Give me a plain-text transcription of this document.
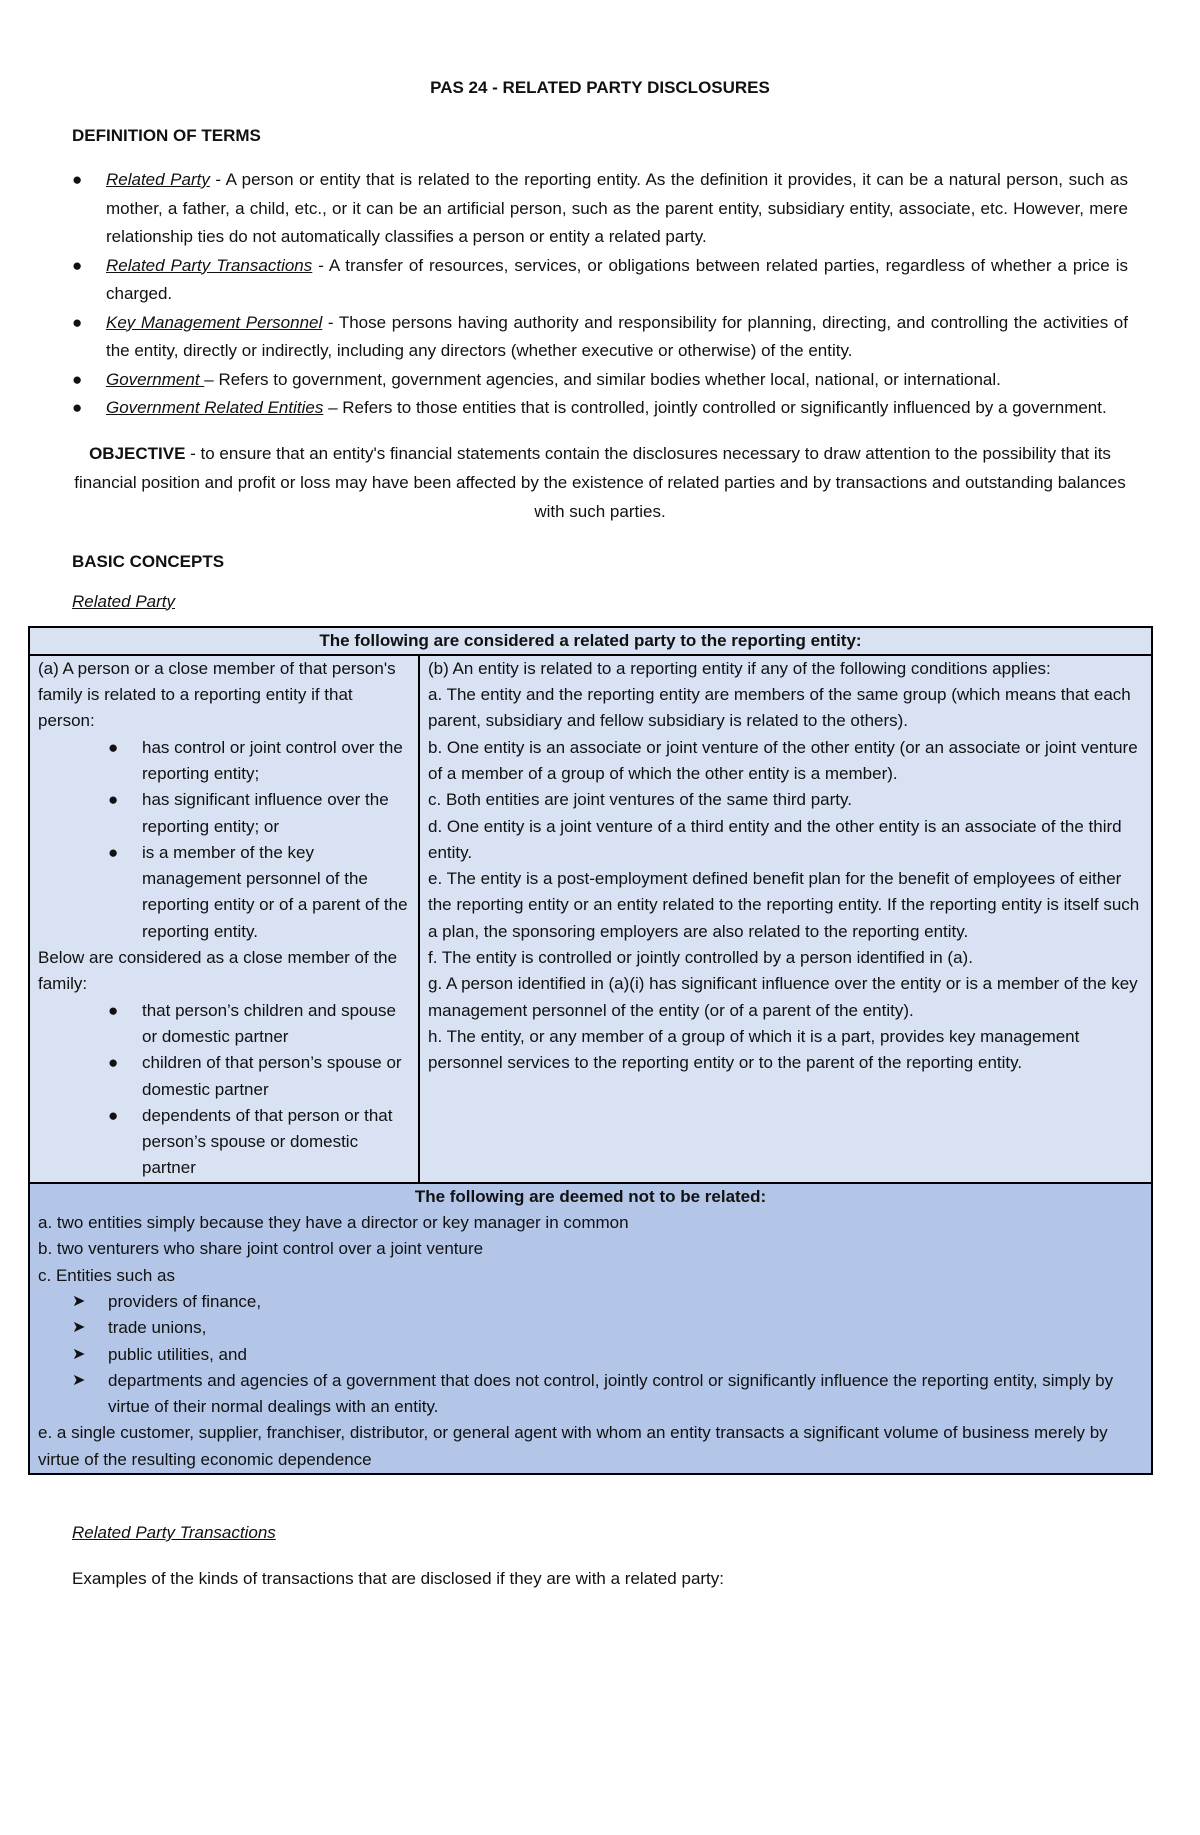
PAS 24 - RELATED PARTY DISCLOSURES
DEFINITION OF TERMS
● Related Party - A person or entity that is related to the reporting entity. As the definition it provides, it can be a natural person, such as mother, a father, a child, etc., or it can be an artificial person, such as the parent entity, subsidiary entity, associate, etc. However, mere relationship ties do not automatically classifies a person or entity a related party.
● Related Party Transactions - A transfer of resources, services, or obligations between related parties, regardless of whether a price is charged.
● Key Management Personnel - Those persons having authority and responsibility for planning, directing, and controlling the activities of the entity, directly or indirectly, including any directors (whether executive or otherwise) of the entity.
● Government – Refers to government, government agencies, and similar bodies whether local, national, or international.
● Government Related Entities – Refers to those entities that is controlled, jointly controlled or significantly influenced by a government.
OBJECTIVE - to ensure that an entity's financial statements contain the disclosures necessary to draw attention to the possibility that its financial position and profit or loss may have been affected by the existence of related parties and by transactions and outstanding balances with such parties.
BASIC CONCEPTS
Related Party
The following are considered a related party to the reporting entity:

(a) A person or a close member of that person's family is related to a reporting entity if that person:
● has control or joint control over the reporting entity;
● has significant influence over the reporting entity; or
● is a member of the key management personnel of the reporting entity or of a parent of the reporting entity.
Below are considered as a close member of the family:
● that person’s children and spouse or domestic partner
● children of that person’s spouse or domestic partner
● dependents of that person or that person’s spouse or domestic partner

(b) An entity is related to a reporting entity if any of the following conditions applies:
a. The entity and the reporting entity are members of the same group (which means that each parent, subsidiary and fellow subsidiary is related to the others).
b. One entity is an associate or joint venture of the other entity (or an associate or joint venture of a member of a group of which the other entity is a member).
c. Both entities are joint ventures of the same third party.
d. One entity is a joint venture of a third entity and the other entity is an associate of the third entity.
e. The entity is a post-employment defined benefit plan for the benefit of employees of either the reporting entity or an entity related to the reporting entity. If the reporting entity is itself such a plan, the sponsoring employers are also related to the reporting entity.
f. The entity is controlled or jointly controlled by a person identified in (a).
g. A person identified in (a)(i) has significant influence over the entity or is a member of the key management personnel of the entity (or of a parent of the entity).
h. The entity, or any member of a group of which it is a part, provides key management personnel services to the reporting entity or to the parent of the reporting entity.

The following are deemed not to be related:
a. two entities simply because they have a director or key manager in common
b. two venturers who share joint control over a joint venture
c. Entities such as
➤ providers of finance,
➤ trade unions,
➤ public utilities, and
➤ departments and agencies of a government that does not control, jointly control or significantly influence the reporting entity, simply by virtue of their normal dealings with an entity.
e. a single customer, supplier, franchiser, distributor, or general agent with whom an entity transacts a significant volume of business merely by virtue of the resulting economic dependence
Related Party Transactions
Examples of the kinds of transactions that are disclosed if they are with a related party:
